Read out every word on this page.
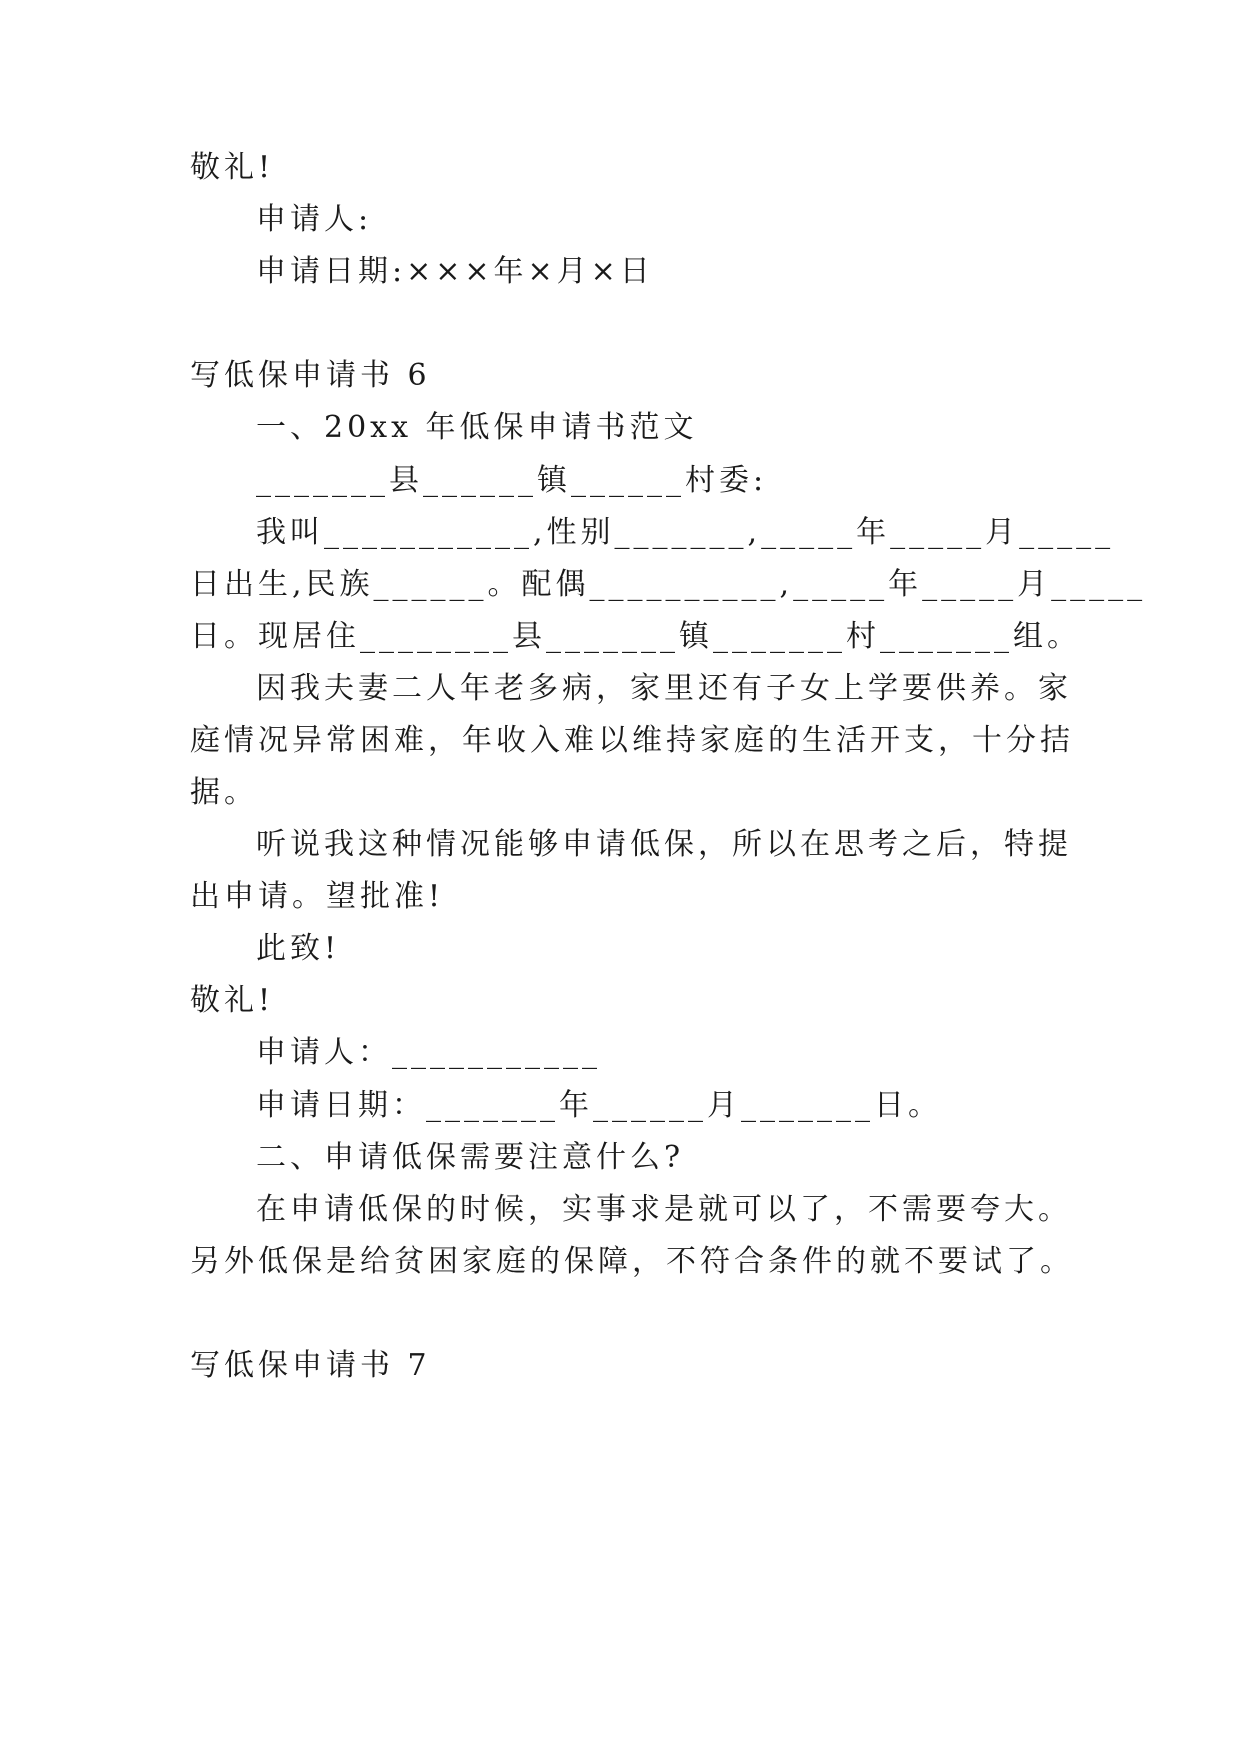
敬礼!
申请人:
申请日期:×××年×月×日
写低保申请书 6
一、20xx 年低保申请书范文
_______县______镇______村委:
我叫___________,性别_______,_____年_____月_____
日出生,民族______。配偶__________,_____年_____月_____
日。现居住________县_______镇_______村_______组。
因我夫妻二人年老多病，家里还有子女上学要供养。家
庭情况异常困难，年收入难以维持家庭的生活开支，十分拮
据。
听说我这种情况能够申请低保，所以在思考之后，特提
出申请。望批准!
此致!
敬礼!
申请人：___________
申请日期：_______年______月_______日。
二、申请低保需要注意什么?
在申请低保的时候，实事求是就可以了，不需要夸大。
另外低保是给贫困家庭的保障，不符合条件的就不要试了。
写低保申请书 7
